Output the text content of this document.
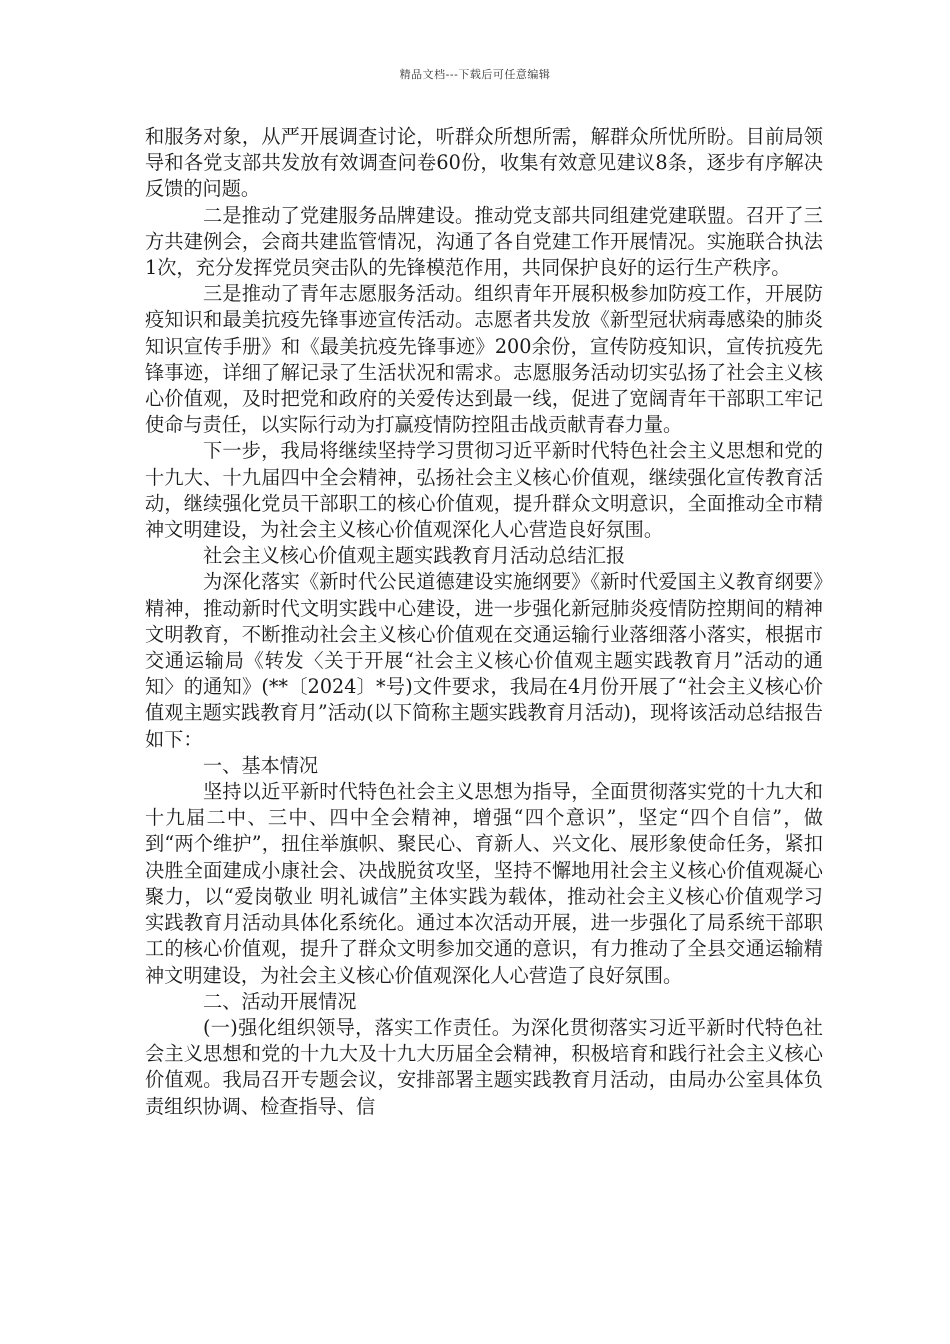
精品文档---下载后可任意编辑

和服务对象，从严开展调查讨论，听群众所想所需，解群众所忧所盼。目前局领导和各党支部共发放有效调查问卷60份，收集有效意见建议8条，逐步有序解决反馈的问题。

二是推动了党建服务品牌建设。推动党支部共同组建党建联盟。召开了三方共建例会，会商共建监管情况，沟通了各自党建工作开展情况。实施联合执法1次，充分发挥党员突击队的先锋模范作用，共同保护良好的运行生产秩序。

三是推动了青年志愿服务活动。组织青年开展积极参加防疫工作，开展防疫知识和最美抗疫先锋事迹宣传活动。志愿者共发放《新型冠状病毒感染的肺炎知识宣传手册》和《最美抗疫先锋事迹》200余份，宣传防疫知识，宣传抗疫先锋事迹，详细了解记录了生活状况和需求。志愿服务活动切实弘扬了社会主义核心价值观，及时把党和政府的关爱传达到最一线，促进了宽阔青年干部职工牢记使命与责任，以实际行动为打赢疫情防控阻击战贡献青春力量。

下一步，我局将继续坚持学习贯彻习近平新时代特色社会主义思想和党的十九大、十九届四中全会精神，弘扬社会主义核心价值观，继续强化宣传教育活动，继续强化党员干部职工的核心价值观，提升群众文明意识，全面推动全市精神文明建设，为社会主义核心价值观深化人心营造良好氛围。

社会主义核心价值观主题实践教育月活动总结汇报

为深化落实《新时代公民道德建设实施纲要》《新时代爱国主义教育纲要》精神，推动新时代文明实践中心建设，进一步强化新冠肺炎疫情防控期间的精神文明教育，不断推动社会主义核心价值观在交通运输行业落细落小落实，根据市交通运输局《转发〈关于开展“社会主义核心价值观主题实践教育月”活动的通知〉的通知》(**〔2024〕*号)文件要求，我局在4月份开展了“社会主义核心价值观主题实践教育月”活动(以下简称主题实践教育月活动)，现将该活动总结报告如下：

一、基本情况

坚持以近平新时代特色社会主义思想为指导，全面贯彻落实党的十九大和十九届二中、三中、四中全会精神，增强“四个意识”，坚定“四个自信”，做到“两个维护”，扭住举旗帜、聚民心、育新人、兴文化、展形象使命任务，紧扣决胜全面建成小康社会、决战脱贫攻坚，坚持不懈地用社会主义核心价值观凝心聚力，以“爱岗敬业 明礼诚信”主体实践为载体，推动社会主义核心价值观学习实践教育月活动具体化系统化。通过本次活动开展，进一步强化了局系统干部职工的核心价值观，提升了群众文明参加交通的意识，有力推动了全县交通运输精神文明建设，为社会主义核心价值观深化人心营造了良好氛围。

二、活动开展情况

(一)强化组织领导，落实工作责任。为深化贯彻落实习近平新时代特色社会主义思想和党的十九大及十九大历届全会精神，积极培育和践行社会主义核心价值观。我局召开专题会议，安排部署主题实践教育月活动，由局办公室具体负责组织协调、检查指导、信
